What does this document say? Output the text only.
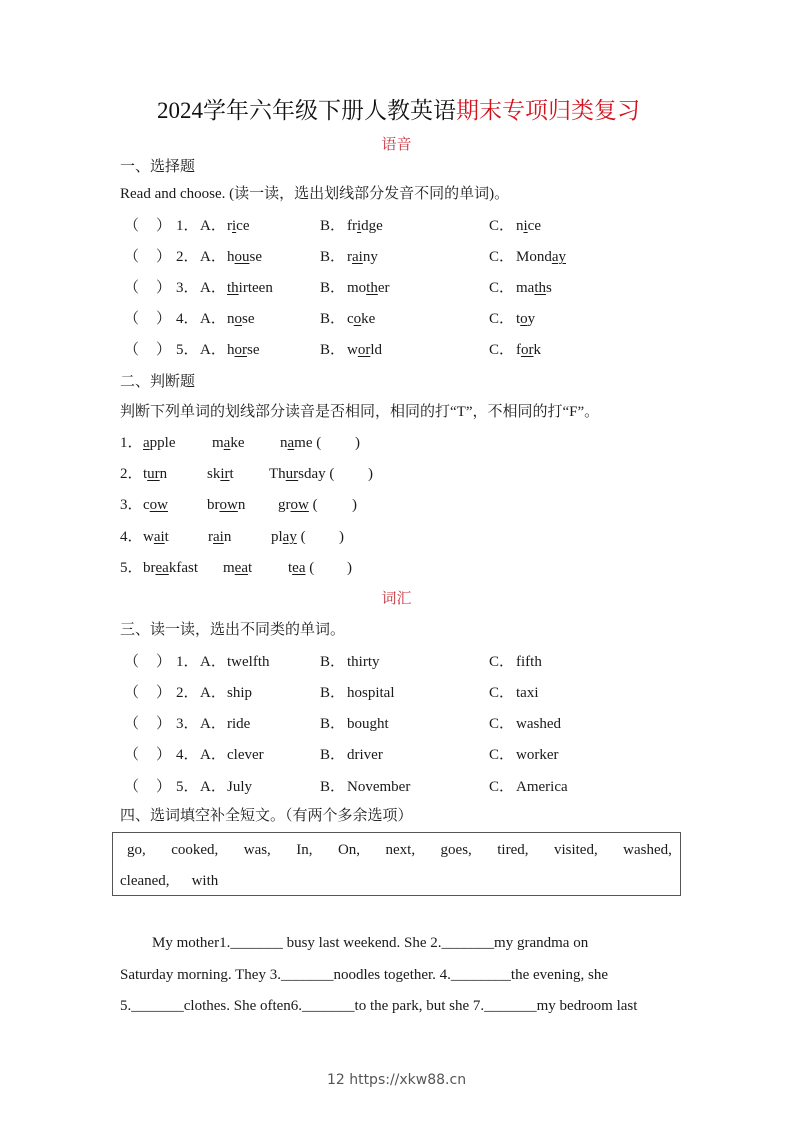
2024学年六年级下册人教英语期末专项归类复习
语音
一、选择题
Read and choose. (读一读，选出划线部分发音不同的单词)。
（ ） 1． A． rice	B． fridge	C． nice
（ ） 2． A． house	B． rainy	C． Monday
（ ） 3． A． thirteen	B． mother	C． maths
（ ） 4． A． nose	B． coke	C． toy
（ ） 5． A． horse	B． world	C． fork
二、判断题
判断下列单词的划线部分读音是否相同，相同的打“T”，不相同的打“F”。
1． apple make name ( )
2． turn	skirt Thursday ( )
3． cow	brown grow ( )
4． wait	rain	play ( )
5． breakfast meat tea ( )
词汇
三、读一读，选出不同类的单词。
（ ） 1． A． twelfth	B． thirty	C． fifth
（ ） 2． A． ship	B． hospital	C． taxi
（ ） 3． A． ride	B． bought	C． washed
（ ） 4． A． clever	B． driver	C． worker
（ ） 5． A． July	B． November	C． America
四、选词填空补全短文。（有两个多余选项）
go, cooked, was, In, On, next, goes, tired, visited, washed,
cleaned, with
My mother1._______ busy last weekend. She 2._______my grandma on
Saturday morning. They 3._______noodles together. 4.________the evening, she
5._______clothes. She often6._______to the park, but she 7._______my bedroom last
12 https://xkw88.cn
